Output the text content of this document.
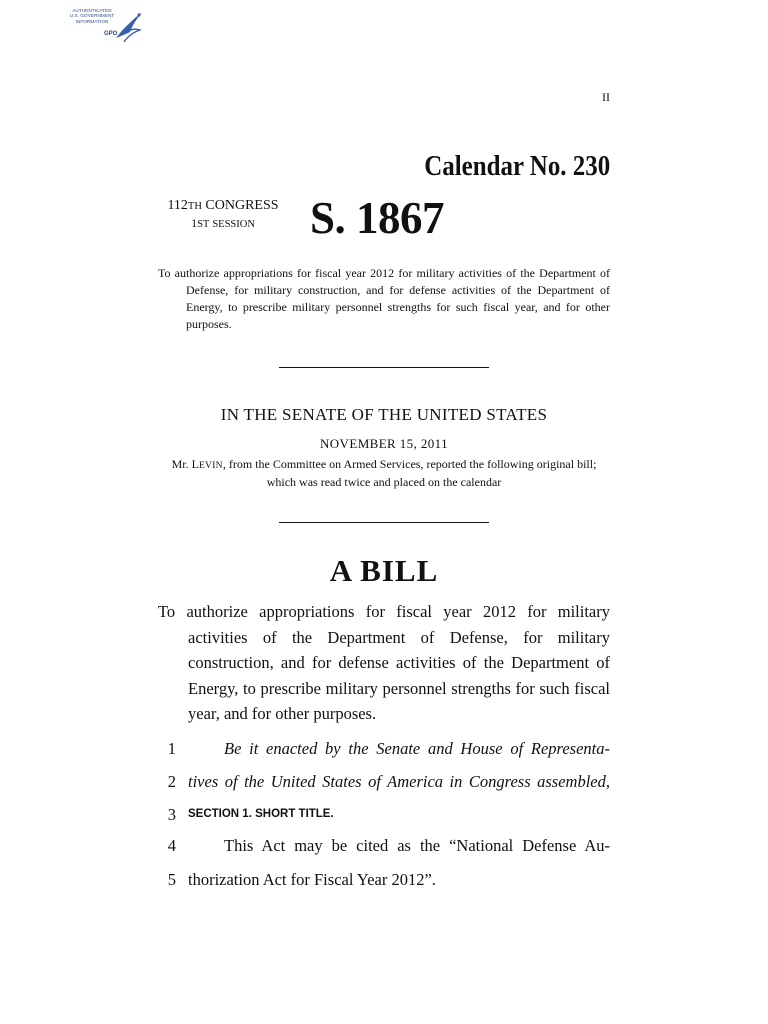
AUTHENTICATED
U.S. GOVERNMENT
INFORMATION
GPO
II
Calendar No. 230
112TH CONGRESS
1ST SESSION	S. 1867
To authorize appropriations for fiscal year 2012 for military activities of the Department of Defense, for military construction, and for defense activities of the Department of Energy, to prescribe military personnel strengths for such fiscal year, and for other purposes.
IN THE SENATE OF THE UNITED STATES
NOVEMBER 15, 2011
Mr. LEVIN, from the Committee on Armed Services, reported the following original bill; which was read twice and placed on the calendar
A BILL
To authorize appropriations for fiscal year 2012 for military activities of the Department of Defense, for military construction, and for defense activities of the Department of Energy, to prescribe military personnel strengths for such fiscal year, and for other purposes.
1	Be it enacted by the Senate and House of Representa-
2 tives of the United States of America in Congress assembled,
3 SECTION 1. SHORT TITLE.
4	This Act may be cited as the “National Defense Au-
5 thorization Act for Fiscal Year 2012”.
